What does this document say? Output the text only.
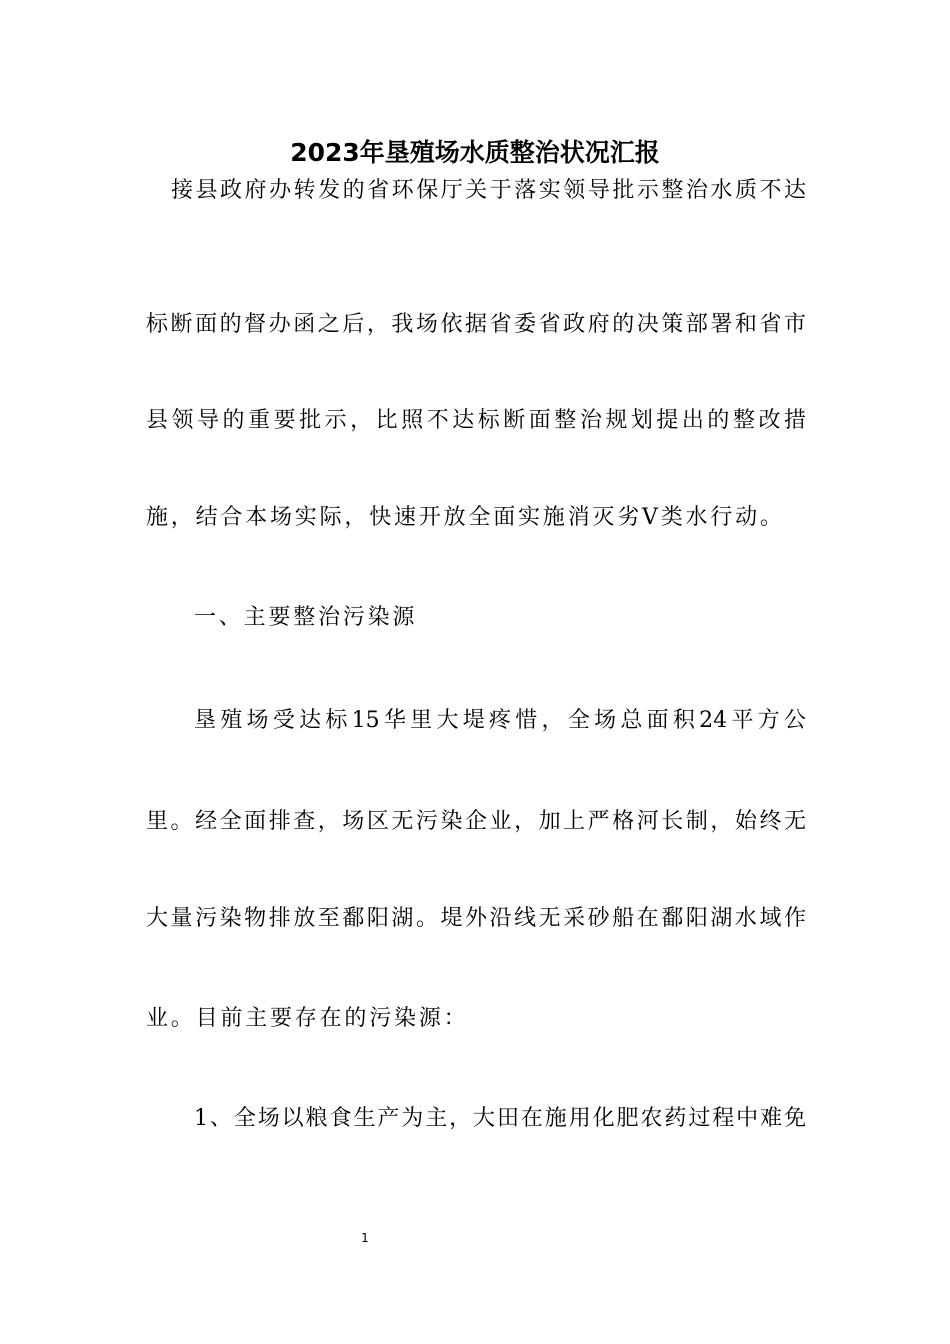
2023年垦殖场水质整治状况汇报
接县政府办转发的省环保厅关于落实领导批示整治水质不达
标断面的督办函之后，我场依据省委省政府的决策部署和省市
县领导的重要批示，比照不达标断面整治规划提出的整改措
施，结合本场实际，快速开放全面实施消灭劣Ⅴ类水行动。
一、主要整治污染源
垦殖场受达标15华里大堤疼惜，全场总面积24平方公
里。经全面排查，场区无污染企业，加上严格河长制，始终无
大量污染物排放至鄱阳湖。堤外沿线无采砂船在鄱阳湖水域作
业。目前主要存在的污染源：
1、全场以粮食生产为主，大田在施用化肥农药过程中难免
1
